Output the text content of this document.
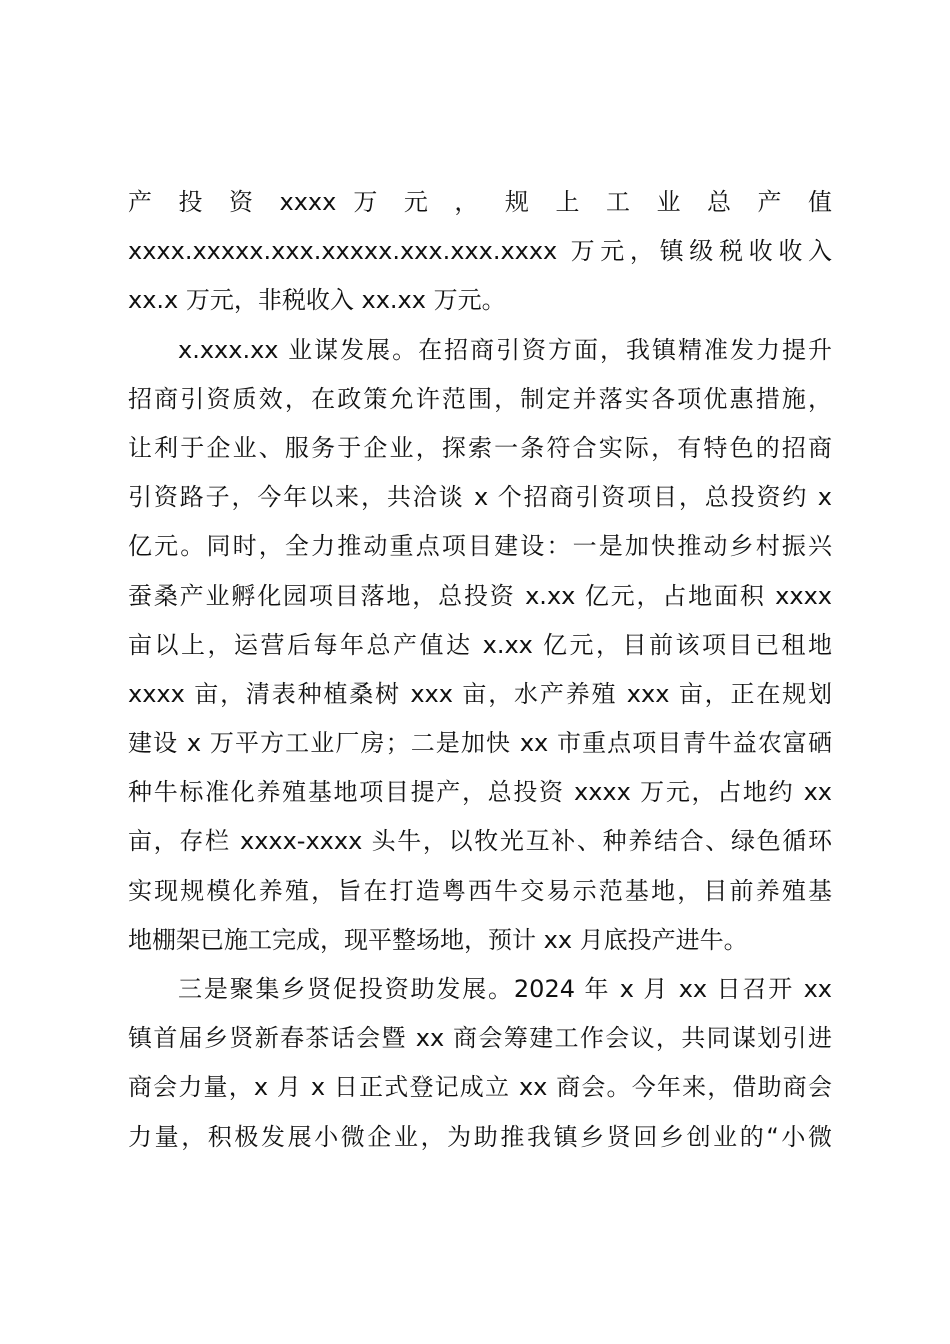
产 投 资 xxxx 万 元 ， 规 上 工 业 总 产 值
xxxx.xxxxx.xxx.xxxxx.xxx.xxx.xxxx 万元，镇级税收收入
xx.x 万元，非税收入 xx.xx 万元。
x.xxx.xx 业谋发展。在招商引资方面，我镇精准发力提升
招商引资质效，在政策允许范围，制定并落实各项优惠措施，
让利于企业、服务于企业，探索一条符合实际，有特色的招商
引资路子，今年以来，共洽谈 x 个招商引资项目，总投资约 x
亿元。同时，全力推动重点项目建设：一是加快推动乡村振兴
蚕桑产业孵化园项目落地，总投资 x.xx 亿元，占地面积 xxxx
亩以上，运营后每年总产值达 x.xx 亿元，目前该项目已租地
xxxx 亩，清表种植桑树 xxx 亩，水产养殖 xxx 亩，正在规划
建设 x 万平方工业厂房；二是加快 xx 市重点项目青牛益农富硒
种牛标准化养殖基地项目提产，总投资 xxxx 万元，占地约 xx
亩，存栏 xxxx-xxxx 头牛，以牧光互补、种养结合、绿色循环
实现规模化养殖，旨在打造粤西牛交易示范基地，目前养殖基
地棚架已施工完成，现平整场地，预计 xx 月底投产进牛。
三是聚集乡贤促投资助发展。2024 年 x 月 xx 日召开 xx
镇首届乡贤新春茶话会暨 xx 商会筹建工作会议，共同谋划引进
商会力量，x 月 x 日正式登记成立 xx 商会。今年来，借助商会
力量，积极发展小微企业，为助推我镇乡贤回乡创业的“小微
